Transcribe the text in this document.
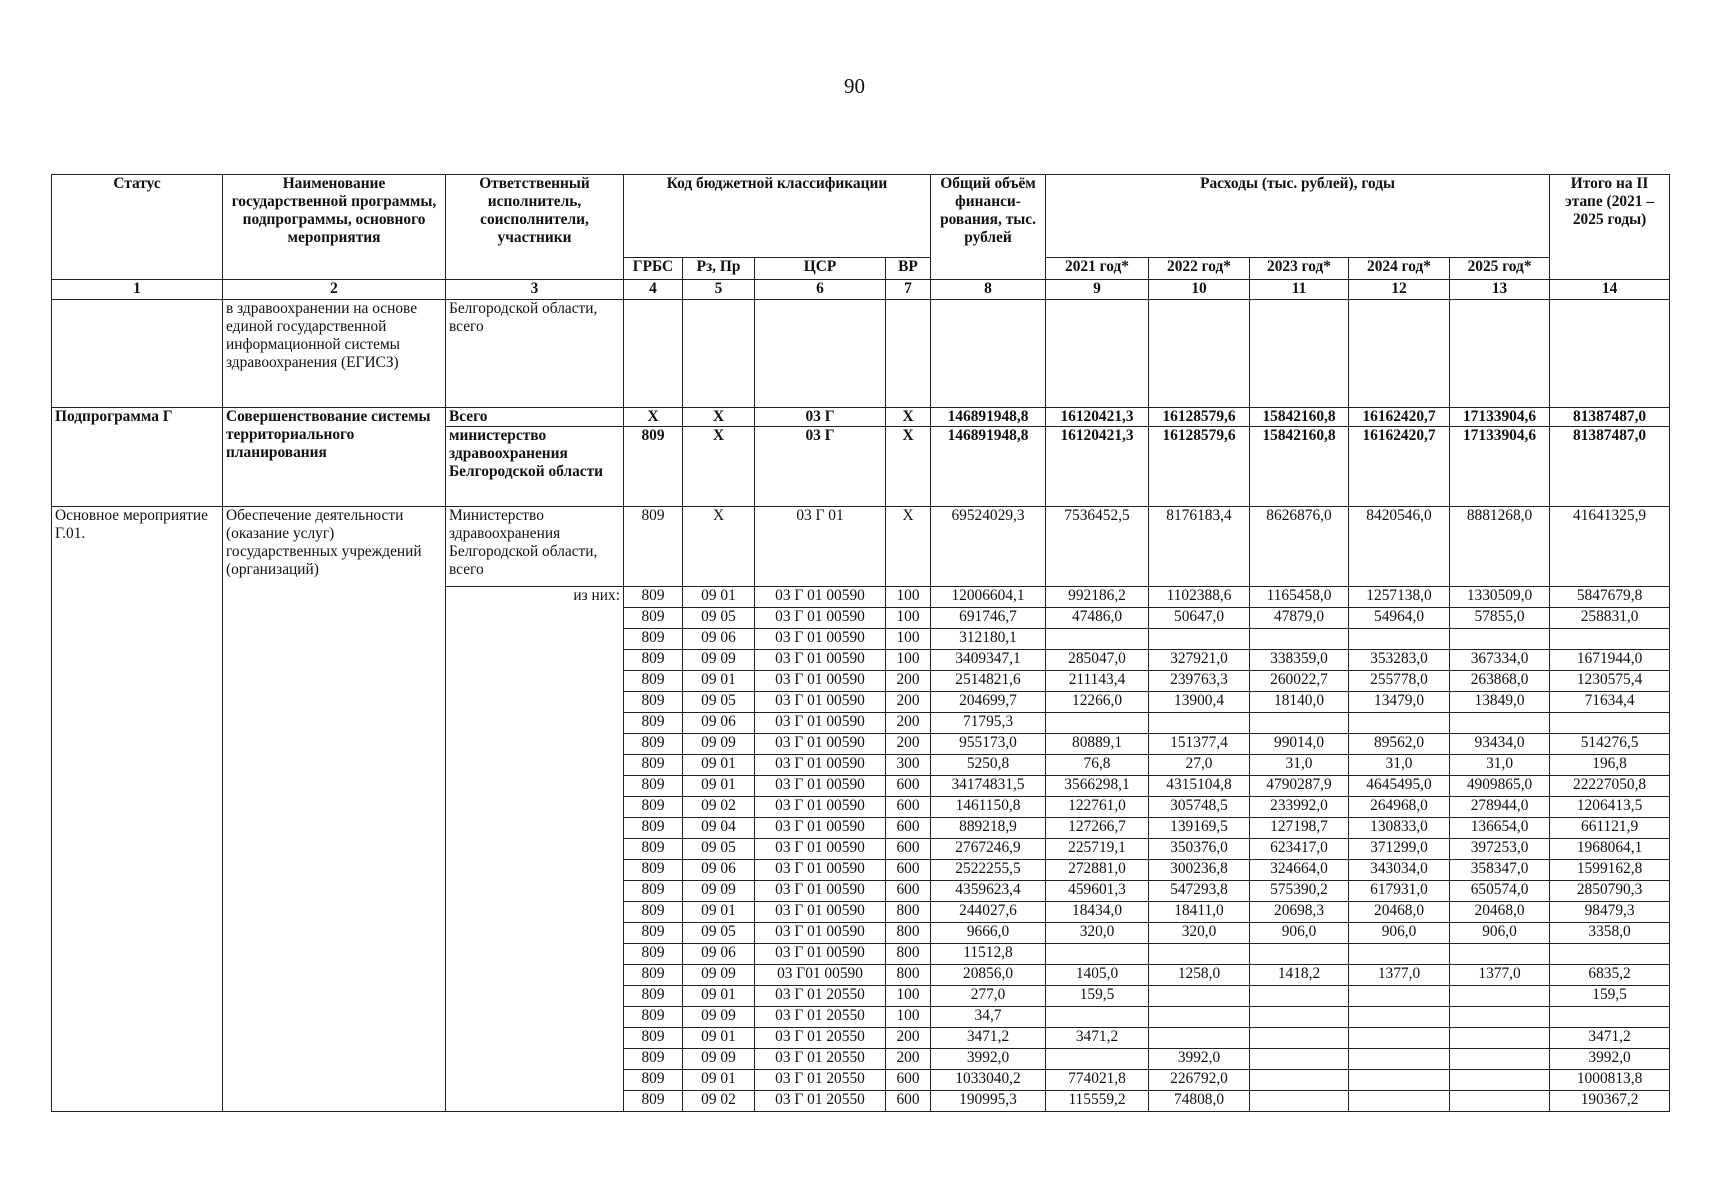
90
Статус	Наименование государственной программы, подпрограммы, основного мероприятия	Ответственный исполнитель, соисполнители, участники	Код бюджетной классификации				Общий объём финанси-рования, тыс. рублей	Расходы (тыс. рублей), годы					Итого на II этапе (2021 – 2025 годы)
			ГРБС	Рз, Пр	ЦСР	ВР		2021 год*	2022 год*	2023 год*	2024 год*	2025 год*	
1	2	3	4	5	6	7	8	9	10	11	12	13	14
	в здравоохранении на основе единой государственной информационной системы здравоохранения (ЕГИСЗ)	Белгородской области, всего											
Подпрограмма Г	Совершенствование системы территориального планирования	Всего	Х	Х	03 Г	Х	146891948,8	16120421,3	16128579,6	15842160,8	16162420,7	17133904,6	81387487,0
		министерство здравоохранения Белгородской области	809	Х	03 Г	Х	146891948,8	16120421,3	16128579,6	15842160,8	16162420,7	17133904,6	81387487,0
Основное мероприятие Г.01.	Обеспечение деятельности (оказание услуг) государственных учреждений (организаций)	Министерство здравоохранения Белгородской области, всего	809	Х	03 Г 01	Х	69524029,3	7536452,5	8176183,4	8626876,0	8420546,0	8881268,0	41641325,9
		из них:	809	09 01	03 Г 01 00590	100	12006604,1	992186,2	1102388,6	1165458,0	1257138,0	1330509,0	5847679,8
			809	09 05	03 Г 01 00590	100	691746,7	47486,0	50647,0	47879,0	54964,0	57855,0	258831,0
			809	09 06	03 Г 01 00590	100	312180,1						
			809	09 09	03 Г 01 00590	100	3409347,1	285047,0	327921,0	338359,0	353283,0	367334,0	1671944,0
			809	09 01	03 Г 01 00590	200	2514821,6	211143,4	239763,3	260022,7	255778,0	263868,0	1230575,4
			809	09 05	03 Г 01 00590	200	204699,7	12266,0	13900,4	18140,0	13479,0	13849,0	71634,4
			809	09 06	03 Г 01 00590	200	71795,3						
			809	09 09	03 Г 01 00590	200	955173,0	80889,1	151377,4	99014,0	89562,0	93434,0	514276,5
			809	09 01	03 Г 01 00590	300	5250,8	76,8	27,0	31,0	31,0	31,0	196,8
			809	09 01	03 Г 01 00590	600	34174831,5	3566298,1	4315104,8	4790287,9	4645495,0	4909865,0	22227050,8
			809	09 02	03 Г 01 00590	600	1461150,8	122761,0	305748,5	233992,0	264968,0	278944,0	1206413,5
			809	09 04	03 Г 01 00590	600	889218,9	127266,7	139169,5	127198,7	130833,0	136654,0	661121,9
			809	09 05	03 Г 01 00590	600	2767246,9	225719,1	350376,0	623417,0	371299,0	397253,0	1968064,1
			809	09 06	03 Г 01 00590	600	2522255,5	272881,0	300236,8	324664,0	343034,0	358347,0	1599162,8
			809	09 09	03 Г 01 00590	600	4359623,4	459601,3	547293,8	575390,2	617931,0	650574,0	2850790,3
			809	09 01	03 Г 01 00590	800	244027,6	18434,0	18411,0	20698,3	20468,0	20468,0	98479,3
			809	09 05	03 Г 01 00590	800	9666,0	320,0	320,0	906,0	906,0	906,0	3358,0
			809	09 06	03 Г 01 00590	800	11512,8						
			809	09 09	03 Г01 00590	800	20856,0	1405,0	1258,0	1418,2	1377,0	1377,0	6835,2
			809	09 01	03 Г 01 20550	100	277,0	159,5					159,5
			809	09 09	03 Г 01 20550	100	34,7						
			809	09 01	03 Г 01 20550	200	3471,2	3471,2					3471,2
			809	09 09	03 Г 01 20550	200	3992,0		3992,0				3992,0
			809	09 01	03 Г 01 20550	600	1033040,2	774021,8	226792,0				1000813,8
			809	09 02	03 Г 01 20550	600	190995,3	115559,2	74808,0				190367,2
